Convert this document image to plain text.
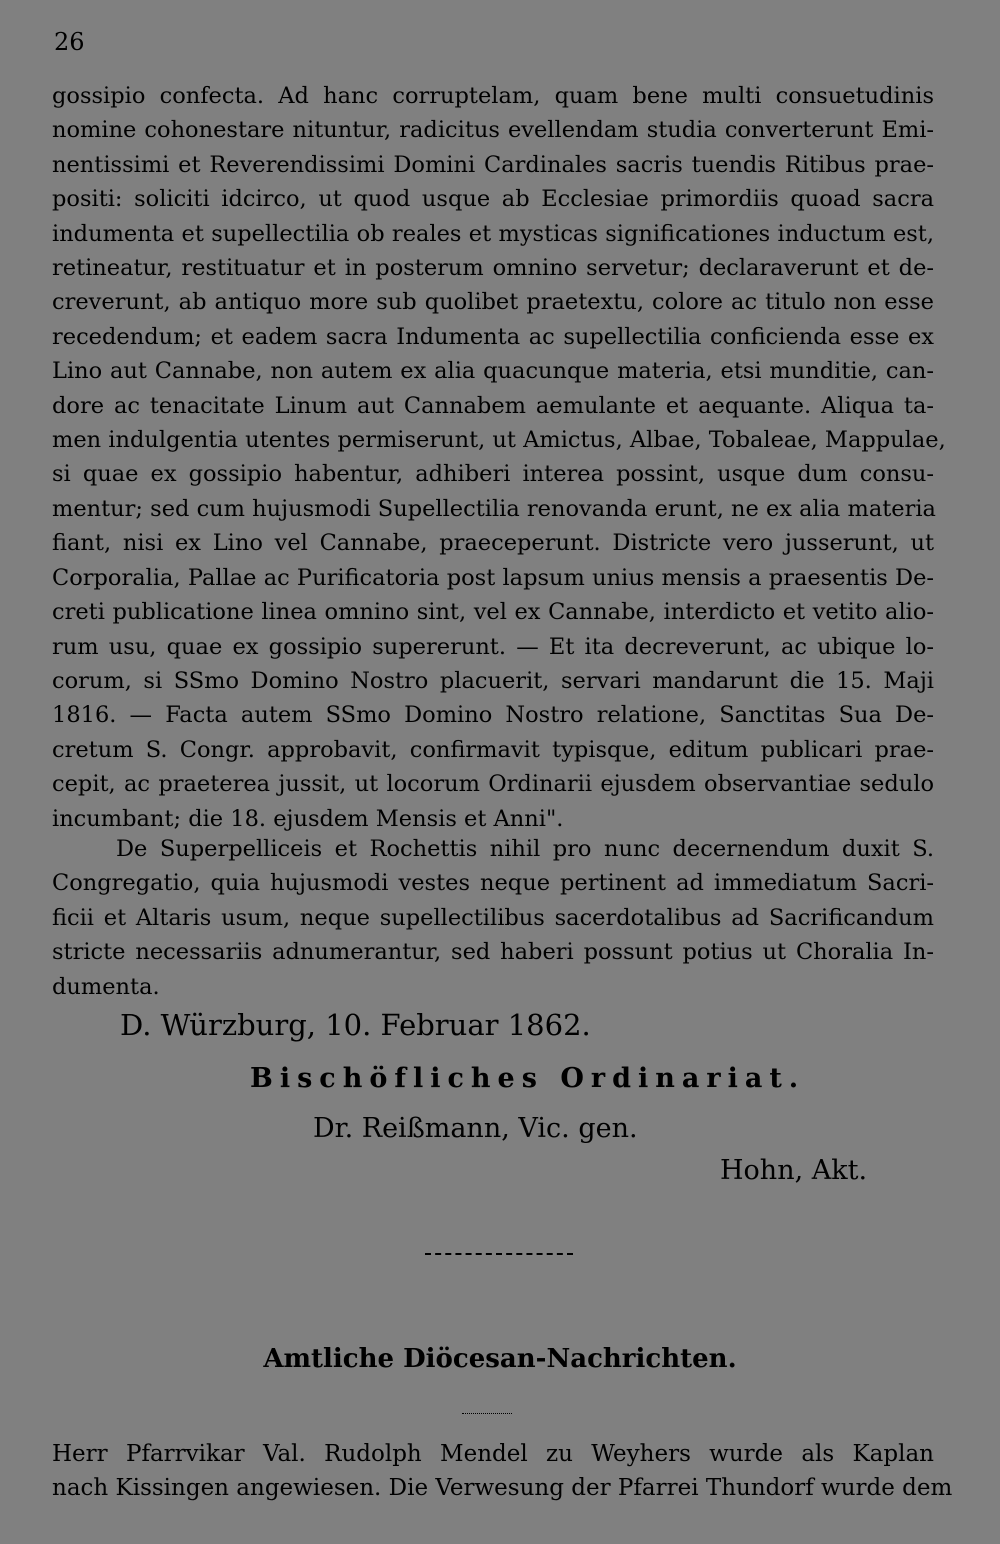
26
gossipio confecta. Ad hanc corruptelam, quam bene multi consuetudinis
nomine cohonestare nituntur, radicitus evellendam studia converterunt Emi-
nentissimi et Reverendissimi Domini Cardinales sacris tuendis Ritibus prae-
positi: soliciti idcirco, ut quod usque ab Ecclesiae primordiis quoad sacra
indumenta et supellectilia ob reales et mysticas significationes inductum est,
retineatur, restituatur et in posterum omnino servetur; declaraverunt et de-
creverunt, ab antiquo more sub quolibet praetextu, colore ac titulo non esse
recedendum; et eadem sacra Indumenta ac supellectilia conficienda esse ex
Lino aut Cannabe, non autem ex alia quacunque materia, etsi munditie, can-
dore ac tenacitate Linum aut Cannabem aemulante et aequante. Aliqua ta-
men indulgentia utentes permiserunt, ut Amictus, Albae, Tobaleae, Mappulae,
si quae ex gossipio habentur, adhiberi interea possint, usque dum consu-
mentur; sed cum hujusmodi Supellectilia renovanda erunt, ne ex alia materia
fiant, nisi ex Lino vel Cannabe, praeceperunt. Districte vero jusserunt, ut
Corporalia, Pallae ac Purificatoria post lapsum unius mensis a praesentis De-
creti publicatione linea omnino sint, vel ex Cannabe, interdicto et vetito alio-
rum usu, quae ex gossipio supererunt. — Et ita decreverunt, ac ubique lo-
corum, si SSmo Domino Nostro placuerit, servari mandarunt die 15. Maji
1816. — Facta autem SSmo Domino Nostro relatione, Sanctitas Sua De-
cretum S. Congr. approbavit, confirmavit typisque, editum publicari prae-
cepit, ac praeterea jussit, ut locorum Ordinarii ejusdem observantiae sedulo
incumbant; die 18. ejusdem Mensis et Anni".
De Superpelliceis et Rochettis nihil pro nunc decernendum duxit S.
Congregatio, quia hujusmodi vestes neque pertinent ad immediatum Sacri-
ficii et Altaris usum, neque supellectilibus sacerdotalibus ad Sacrificandum
stricte necessariis adnumerantur, sed haberi possunt potius ut Choralia In-
dumenta.
D. Würzburg, 10. Februar 1862.
Bischöfliches Ordinariat.
Dr. Reißmann, Vic. gen.
Hohn, Akt.
Amtliche Diöcesan-Nachrichten.
Herr Pfarrvikar Val. Rudolph Mendel zu Weyhers wurde als Kaplan
nach Kissingen angewiesen. Die Verwesung der Pfarrei Thundorf wurde dem
